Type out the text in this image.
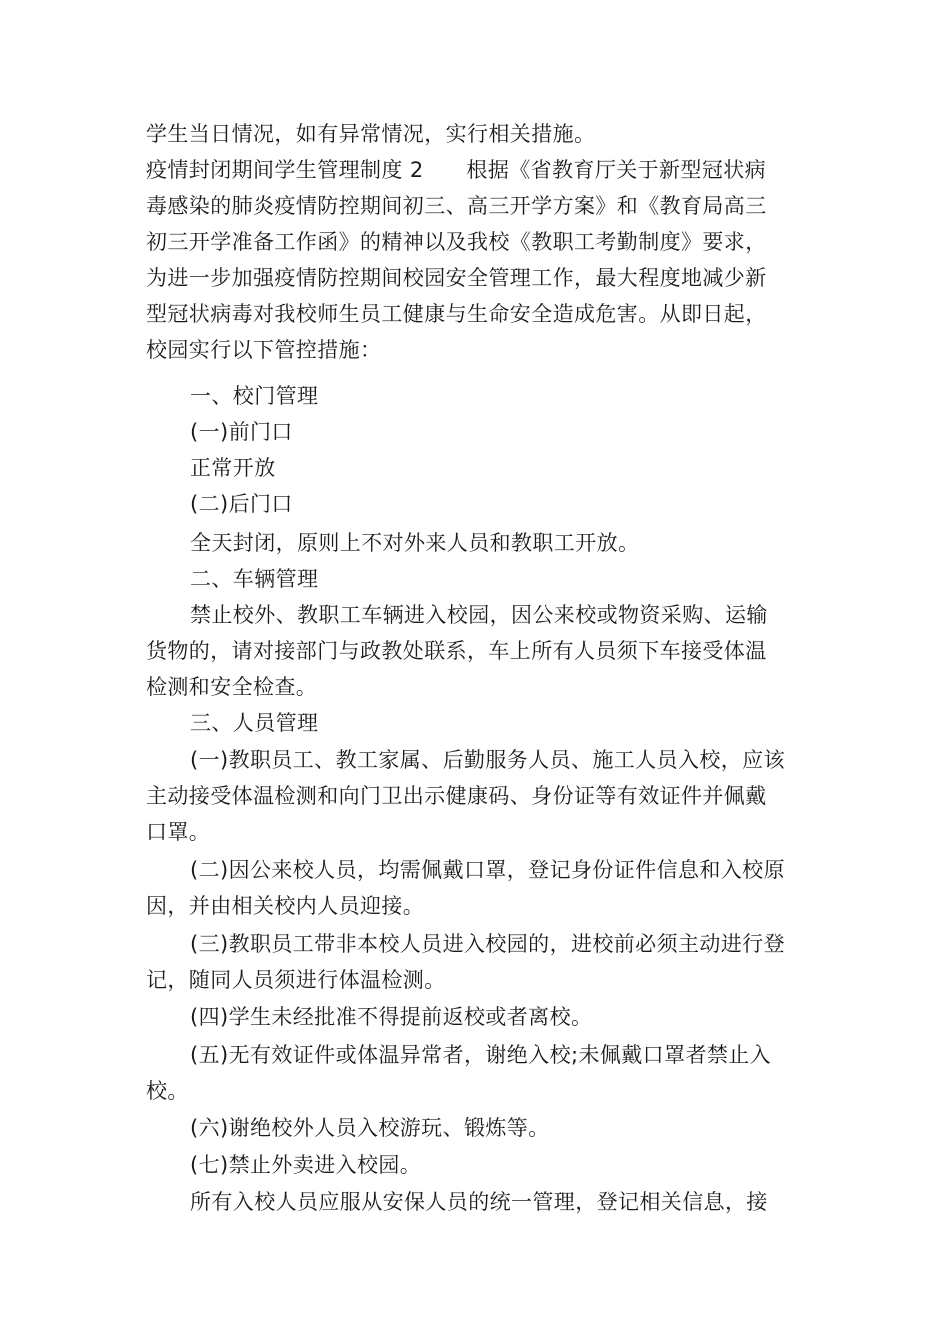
学生当日情况，如有异常情况，实行相关措施。
疫情封闭期间学生管理制度 2　　根据《省教育厅关于新型冠状病
毒感染的肺炎疫情防控期间初三、高三开学方案》和《教育局高三
初三开学准备工作函》的精神以及我校《教职工考勤制度》要求，
为进一步加强疫情防控期间校园安全管理工作，最大程度地减少新
型冠状病毒对我校师生员工健康与生命安全造成危害。从即日起，
校园实行以下管控措施：
一、校门管理
(一)前门口
正常开放
(二)后门口
全天封闭，原则上不对外来人员和教职工开放。
二、车辆管理
禁止校外、教职工车辆进入校园，因公来校或物资采购、运输
货物的，请对接部门与政教处联系，车上所有人员须下车接受体温
检测和安全检查。
三、人员管理
(一)教职员工、教工家属、后勤服务人员、施工人员入校，应该
主动接受体温检测和向门卫出示健康码、身份证等有效证件并佩戴
口罩。
(二)因公来校人员，均需佩戴口罩，登记身份证件信息和入校原
因，并由相关校内人员迎接。
(三)教职员工带非本校人员进入校园的，进校前必须主动进行登
记，随同人员须进行体温检测。
(四)学生未经批准不得提前返校或者离校。
(五)无有效证件或体温异常者，谢绝入校;未佩戴口罩者禁止入
校。
(六)谢绝校外人员入校游玩、锻炼等。
(七)禁止外卖进入校园。
所有入校人员应服从安保人员的统一管理，登记相关信息，接
